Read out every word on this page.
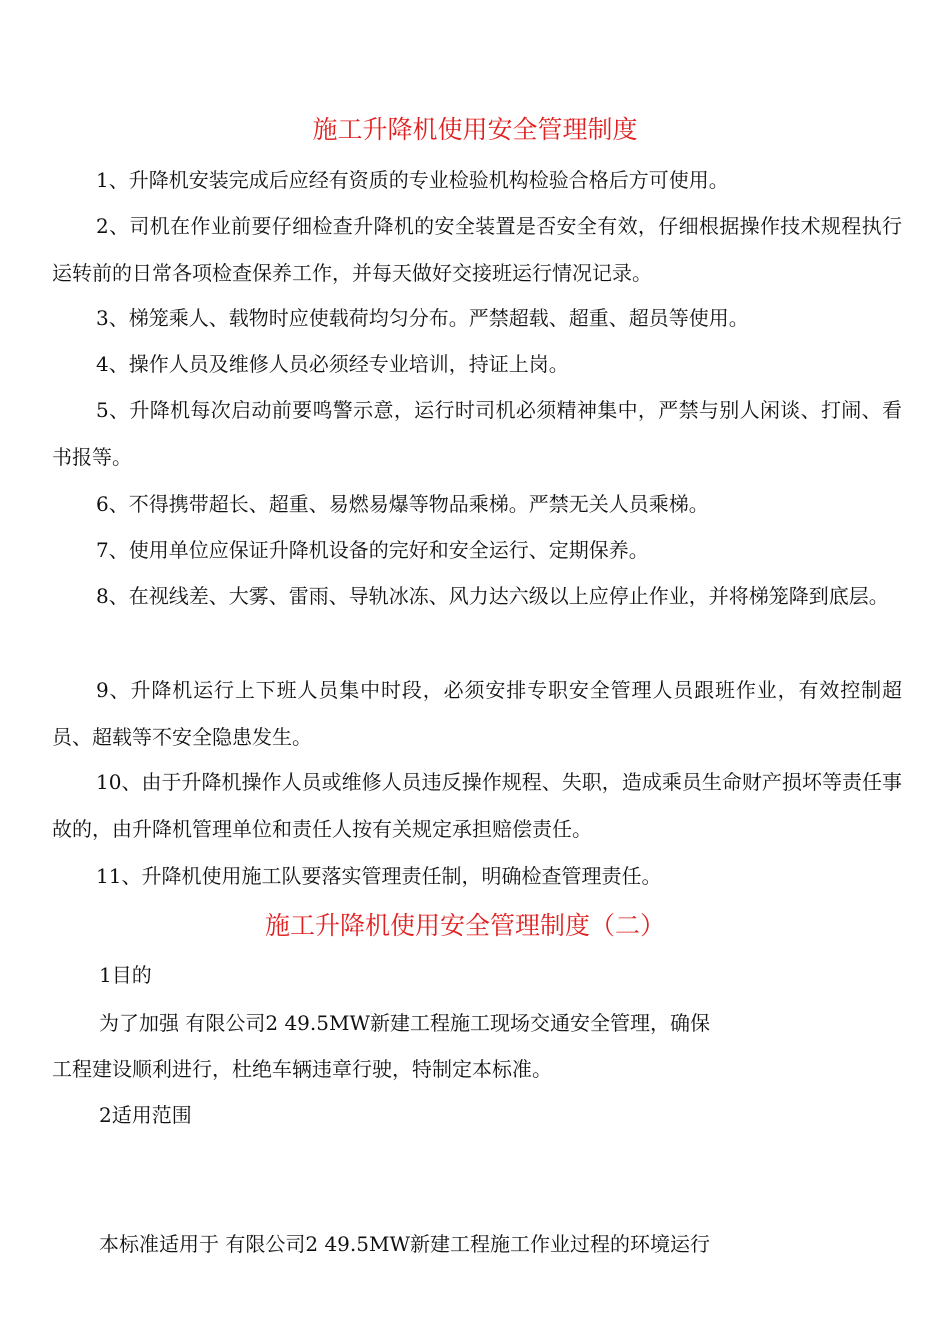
施工升降机使用安全管理制度
1、升降机安装完成后应经有资质的专业检验机构检验合格后方可使用。
2、司机在作业前要仔细检查升降机的安全装置是否安全有效，仔细根据操作技术规程执行运转前的日常各项检查保养工作，并每天做好交接班运行情况记录。
3、梯笼乘人、载物时应使载荷均匀分布。严禁超载、超重、超员等使用。
4、操作人员及维修人员必须经专业培训，持证上岗。
5、升降机每次启动前要鸣警示意，运行时司机必须精神集中，严禁与别人闲谈、打闹、看书报等。
6、不得携带超长、超重、易燃易爆等物品乘梯。严禁无关人员乘梯。
7、使用单位应保证升降机设备的完好和安全运行、定期保养。
8、在视线差、大雾、雷雨、导轨冰冻、风力达六级以上应停止作业，并将梯笼降到底层。
9、升降机运行上下班人员集中时段，必须安排专职安全管理人员跟班作业，有效控制超员、超载等不安全隐患发生。
10、由于升降机操作人员或维修人员违反操作规程、失职，造成乘员生命财产损坏等责任事故的，由升降机管理单位和责任人按有关规定承担赔偿责任。
11、升降机使用施工队要落实管理责任制，明确检查管理责任。
施工升降机使用安全管理制度（二）
1目的
为了加强 有限公司2 49.5MW新建工程施工现场交通安全管理，确保
工程建设顺利进行，杜绝车辆违章行驶，特制定本标准。
2适用范围
本标准适用于 有限公司2 49.5MW新建工程施工作业过程的环境运行
